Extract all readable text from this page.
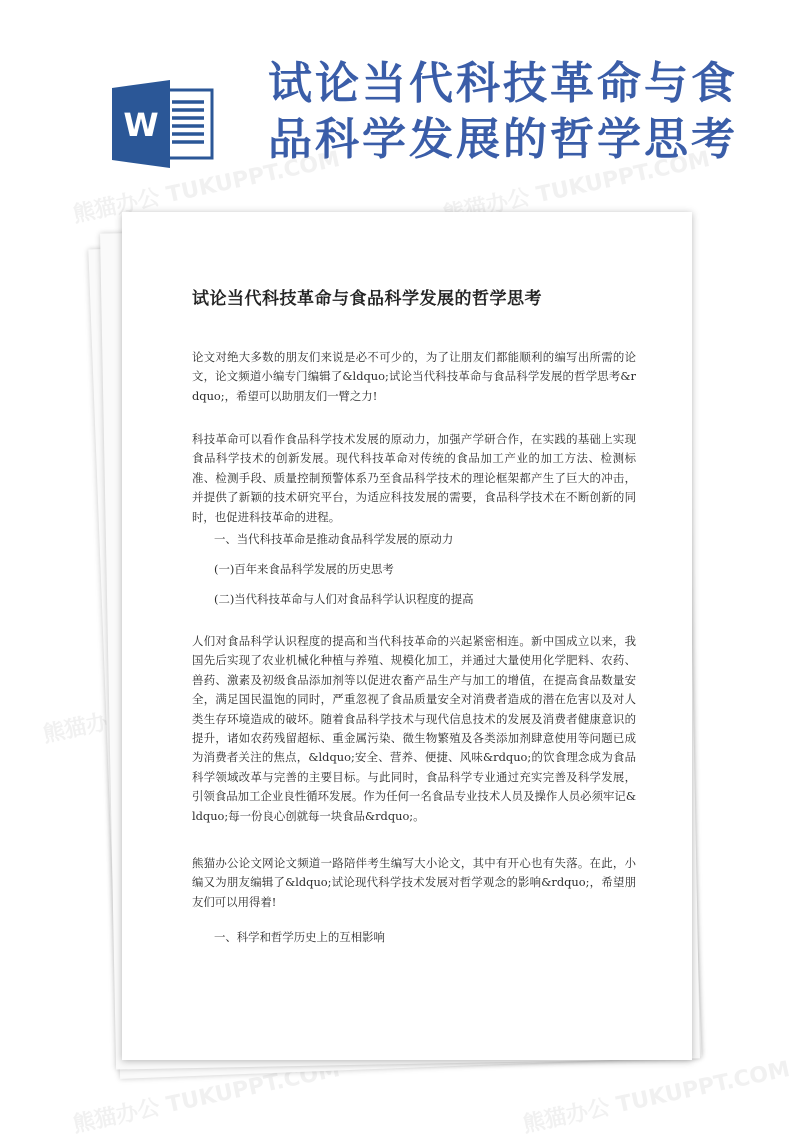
W
试论当代科技革命与食
品科学发展的哲学思考
熊猫办公 TUKUPPT.COM	熊猫办公 TUKUPPT.COM
熊猫办公
熊猫办公 TUKUPPT.COM	熊猫办公 TUKUPPT.COM
试论当代科技革命与食品科学发展的哲学思考

论文对绝大多数的朋友们来说是必不可少的，为了让朋友们都能顺利的编写出所需的论文，论文频道小编专门编辑了&ldquo;试论当代科技革命与食品科学发展的哲学思考&rdquo;，希望可以助朋友们一臂之力!

科技革命可以看作食品科学技术发展的原动力，加强产学研合作，在实践的基础上实现食品科学技术的创新发展。现代科技革命对传统的食品加工产业的加工方法、检测标准、检测手段、质量控制预警体系乃至食品科学技术的理论框架都产生了巨大的冲击，并提供了新颖的技术研究平台，为适应科技发展的需要，食品科学技术在不断创新的同时，也促进科技革命的进程。

一、当代科技革命是推动食品科学发展的原动力

(一)百年来食品科学发展的历史思考

(二)当代科技革命与人们对食品科学认识程度的提高

人们对食品科学认识程度的提高和当代科技革命的兴起紧密相连。新中国成立以来，我国先后实现了农业机械化种植与养殖、规模化加工，并通过大量使用化学肥料、农药、兽药、激素及初级食品添加剂等以促进农畜产品生产与加工的增值，在提高食品数量安全，满足国民温饱的同时，严重忽视了食品质量安全对消费者造成的潜在危害以及对人类生存环境造成的破坏。随着食品科学技术与现代信息技术的发展及消费者健康意识的提升，诸如农药残留超标、重金属污染、微生物繁殖及各类添加剂肆意使用等问题已成为消费者关注的焦点，&ldquo;安全、营养、便捷、风味&rdquo;的饮食理念成为食品科学领域改革与完善的主要目标。与此同时，食品科学专业通过充实完善及科学发展，引领食品加工企业良性循环发展。作为任何一名食品专业技术人员及操作人员必须牢记&ldquo;每一份良心创就每一块食品&rdquo;。

熊猫办公论文网论文频道一路陪伴考生编写大小论文，其中有开心也有失落。在此，小编又为朋友编辑了&ldquo;试论现代科学技术发展对哲学观念的影响&rdquo;，希望朋友们可以用得着!

一、科学和哲学历史上的互相影响
